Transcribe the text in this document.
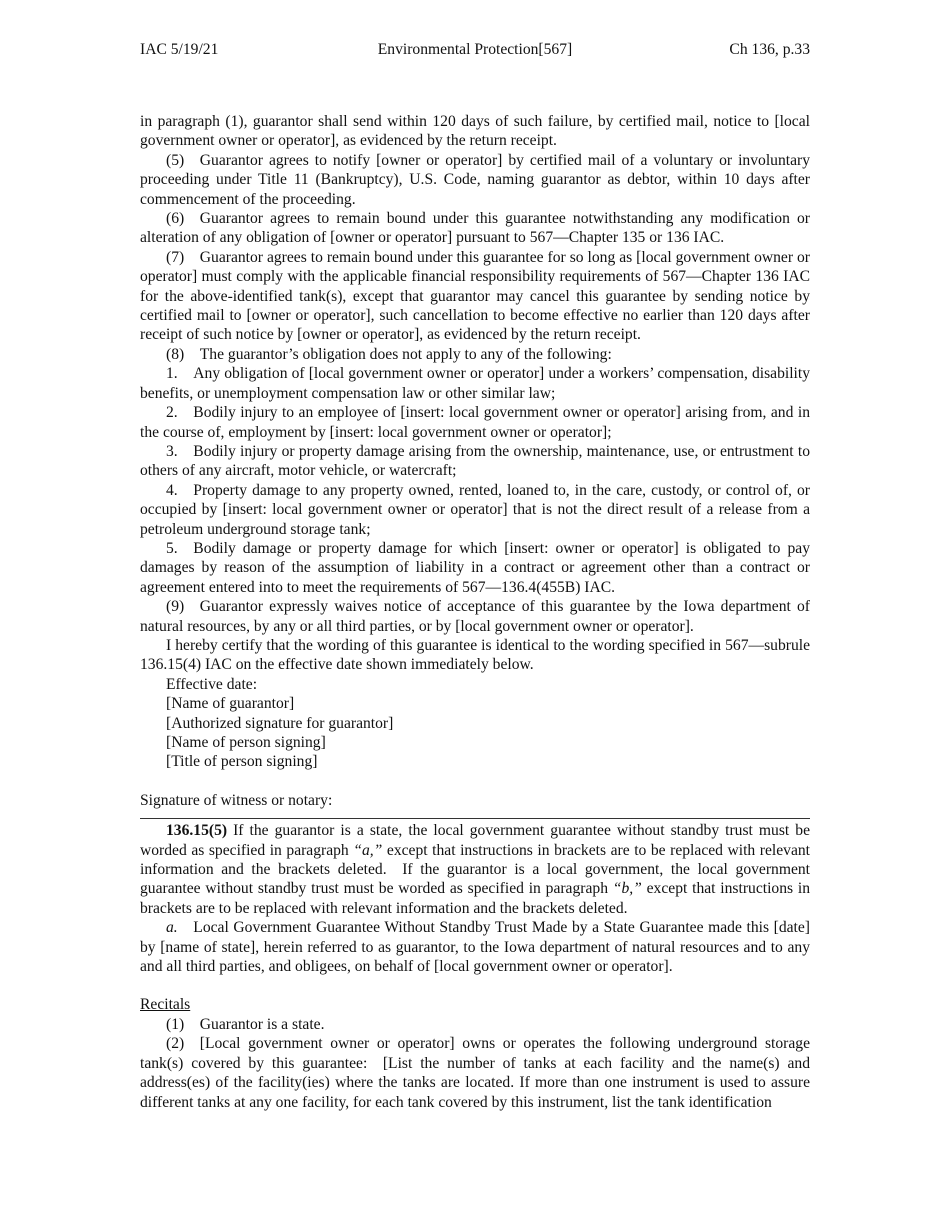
IAC 5/19/21	Environmental Protection[567]	Ch 136, p.33

in paragraph (1), guarantor shall send within 120 days of such failure, by certified mail, notice to [local government owner or operator], as evidenced by the return receipt.

(5) Guarantor agrees to notify [owner or operator] by certified mail of a voluntary or involuntary proceeding under Title 11 (Bankruptcy), U.S. Code, naming guarantor as debtor, within 10 days after commencement of the proceeding.

(6) Guarantor agrees to remain bound under this guarantee notwithstanding any modification or alteration of any obligation of [owner or operator] pursuant to 567—Chapter 135 or 136 IAC.

(7) Guarantor agrees to remain bound under this guarantee for so long as [local government owner or operator] must comply with the applicable financial responsibility requirements of 567—Chapter 136 IAC for the above-identified tank(s), except that guarantor may cancel this guarantee by sending notice by certified mail to [owner or operator], such cancellation to become effective no earlier than 120 days after receipt of such notice by [owner or operator], as evidenced by the return receipt.

(8) The guarantor’s obligation does not apply to any of the following:

1. Any obligation of [local government owner or operator] under a workers’ compensation, disability benefits, or unemployment compensation law or other similar law;

2. Bodily injury to an employee of [insert: local government owner or operator] arising from, and in the course of, employment by [insert: local government owner or operator];

3. Bodily injury or property damage arising from the ownership, maintenance, use, or entrustment to others of any aircraft, motor vehicle, or watercraft;

4. Property damage to any property owned, rented, loaned to, in the care, custody, or control of, or occupied by [insert: local government owner or operator] that is not the direct result of a release from a petroleum underground storage tank;

5. Bodily damage or property damage for which [insert: owner or operator] is obligated to pay damages by reason of the assumption of liability in a contract or agreement other than a contract or agreement entered into to meet the requirements of 567—136.4(455B) IAC.

(9) Guarantor expressly waives notice of acceptance of this guarantee by the Iowa department of natural resources, by any or all third parties, or by [local government owner or operator].

I hereby certify that the wording of this guarantee is identical to the wording specified in 567—subrule 136.15(4) IAC on the effective date shown immediately below.

Effective date:
[Name of guarantor]
[Authorized signature for guarantor]
[Name of person signing]
[Title of person signing]
Signature of witness or notary:

136.15(5) If the guarantor is a state, the local government guarantee without standby trust must be worded as specified in paragraph “a,” except that instructions in brackets are to be replaced with relevant information and the brackets deleted. If the guarantor is a local government, the local government guarantee without standby trust must be worded as specified in paragraph “b,” except that instructions in brackets are to be replaced with relevant information and the brackets deleted.

a. Local Government Guarantee Without Standby Trust Made by a State Guarantee made this [date] by [name of state], herein referred to as guarantor, to the Iowa department of natural resources and to any and all third parties, and obligees, on behalf of [local government owner or operator].

Recitals

(1) Guarantor is a state.

(2) [Local government owner or operator] owns or operates the following underground storage tank(s) covered by this guarantee: [List the number of tanks at each facility and the name(s) and address(es) of the facility(ies) where the tanks are located. If more than one instrument is used to assure different tanks at any one facility, for each tank covered by this instrument, list the tank identification
